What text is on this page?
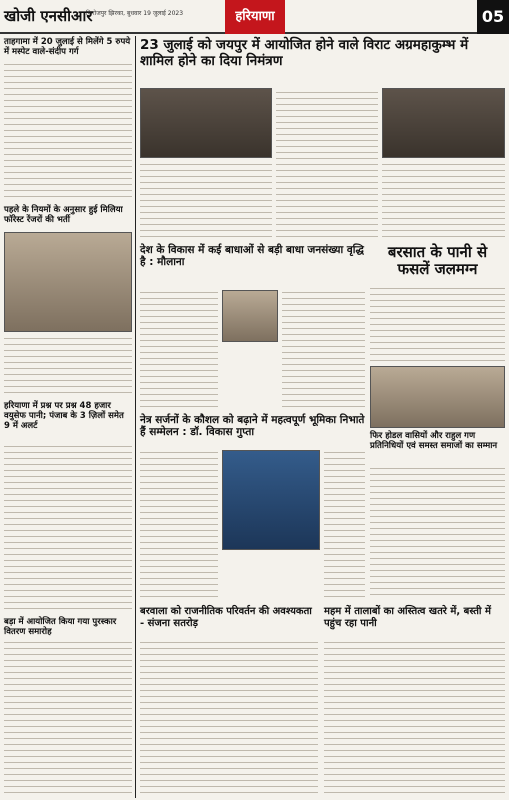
खोजी एनसीआर
फिरोजपुर झिरका, बुधवार 19 जुलाई 2023	हरियाणा	05
ताहगामा में 20 जुलाई से मिलेंगे 5 रुपये में मस्पेट वाले-संदीप गर्ग
पहले के नियमों के अनुसार हुई मिलिया फॉरेस्ट रेंजरों की भर्ती
हरियाणा में प्रश्न पर प्रश्न 48 हजार वयुसेफ पानी; पंजाब के 3 ज़िलों समेत 9 में अलर्ट
बड़ा में आयोजित किया गया पुरस्कार वितरण समारोह
23 जुलाई को जयपुर में आयोजित होने वाले विराट अग्रमहाकुम्भ में शामिल होने का दिया निमंत्रण
देश के विकास में कई बाधाओं से बड़ी बाधा जनसंख्या वृद्धि है : मौलाना
बरसात के पानी से फसलें जलमग्न
नेत्र सर्जनों के कौशल को बढ़ाने में महत्वपूर्ण भूमिका निभाते हैं सम्मेलन : डॉ. विकास गुप्ता	फिर होडल वासियों और राहुल गण प्रतिनिधियों एवं समस्त समाजों का सम्मान
बरवाला को राजनीतिक परिवर्तन की अवश्यकता - संजना सतरोड़
महम में तालाबों का अस्तित्व खतरे में, बस्ती में पहुंच रहा पानी
